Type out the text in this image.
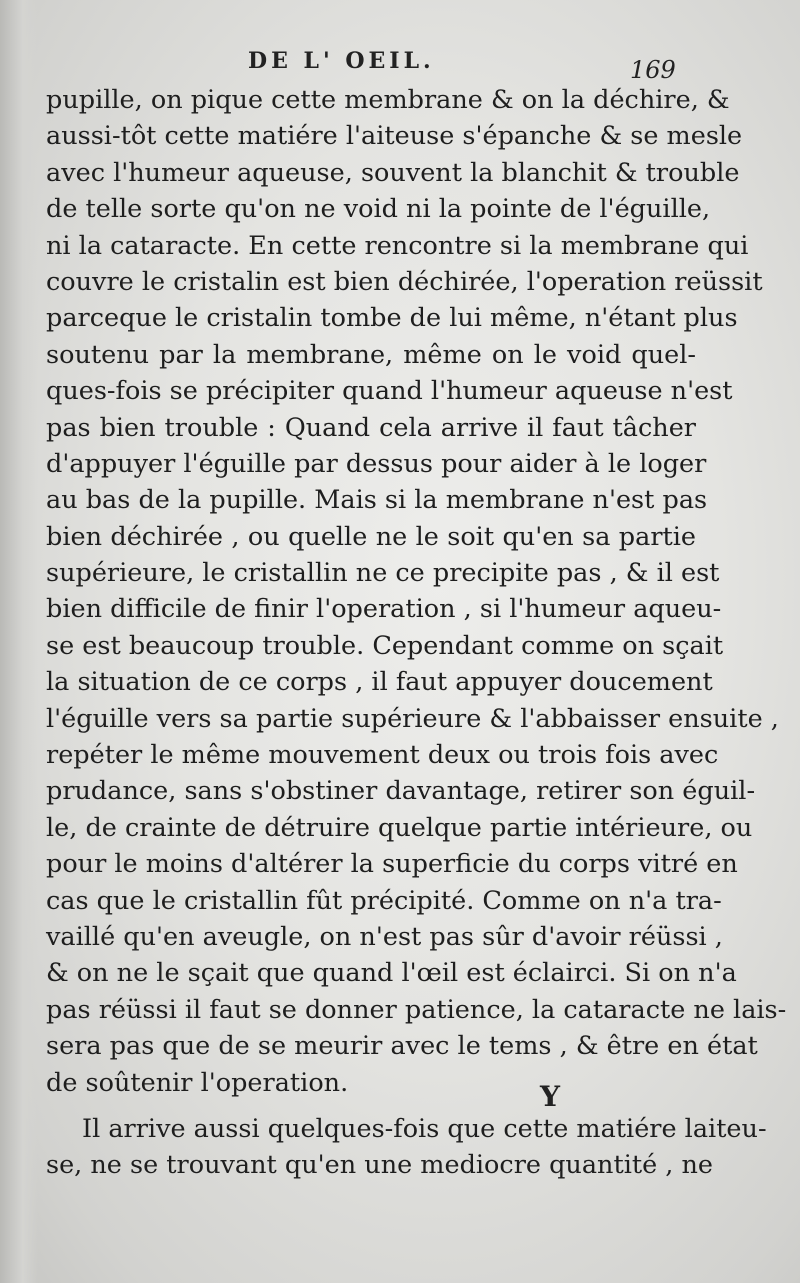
DE L' OEIL.	169
pupille, on pique cette membrane & on la déchire, &
aussi-tôt cette matiére l'aiteuse s'épanche & se mesle
avec l'humeur aqueuse, souvent la blanchit & trouble
de telle sorte qu'on ne void ni la pointe de l'éguille,
ni la cataracte. En cette rencontre si la membrane qui
couvre le cristalin est bien déchirée, l'operation reüssit
parceque le cristalin tombe de lui même, n'étant plus
soutenu par la membrane, même on le void quel-
ques-fois se précipiter quand l'humeur aqueuse n'est
pas bien trouble : Quand cela arrive il faut tâcher
d'appuyer l'éguille par dessus pour aider à le loger
au bas de la pupille. Mais si la membrane n'est pas
bien déchirée , ou quelle ne le soit qu'en sa partie
supérieure, le cristallin ne ce precipite pas , & il est
bien difficile de finir l'operation , si l'humeur aqueu-
se est beaucoup trouble. Cependant comme on sçait
la situation de ce corps , il faut appuyer doucement
l'éguille vers sa partie supérieure & l'abbaisser ensuite ,
repéter le même mouvement deux ou trois fois avec
prudance, sans s'obstiner davantage, retirer son éguil-
le, de crainte de détruire quelque partie intérieure, ou
pour le moins d'altérer la superficie du corps vitré en
cas que le cristallin fût précipité. Comme on n'a tra-
vaillé qu'en aveugle, on n'est pas sûr d'avoir réüssi ,
& on ne le sçait que quand l'œil est éclairci. Si on n'a
pas réüssi il faut se donner patience, la cataracte ne lais-
sera pas que de se meurir avec le tems , & être en état
de soûtenir l'operation.
Il arrive aussi quelques-fois que cette matiére laiteu-
se, ne se trouvant qu'en une mediocre quantité , ne
Y
